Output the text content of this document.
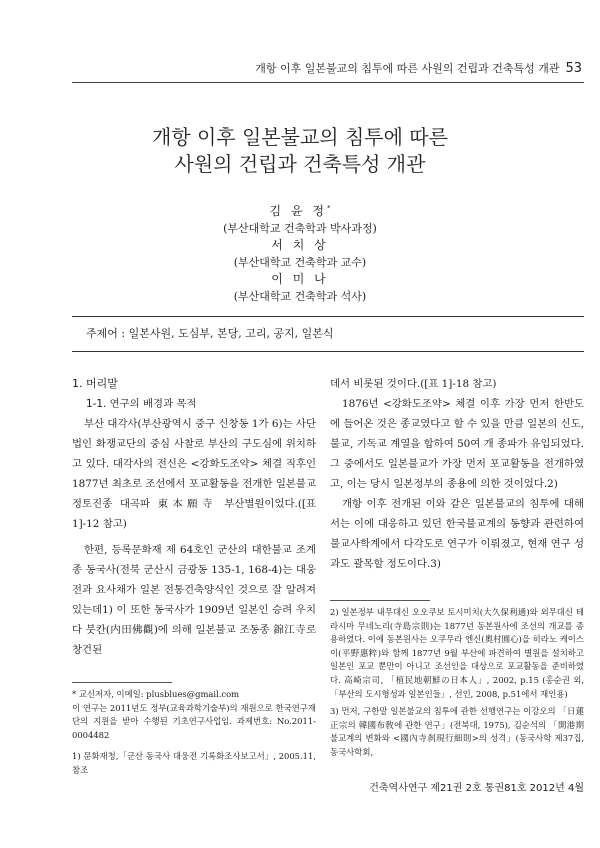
개항 이후 일본불교의 침투에 따른 사원의 건립과 건축특성 개관 53
개항 이후 일본불교의 침투에 따른
사원의 건립과 건축특성 개관
김 윤 정*
(부산대학교 건축학과 박사과정)
서 치 상
(부산대학교 건축학과 교수)
이 미 나
(부산대학교 건축학과 석사)
주제어 : 일본사원, 도심부, 본당, 고리, 공지, 일본식

1. 머리말

1-1. 연구의 배경과 목적

부산 대각사(부산광역시 중구 신창동 1가 6)는 사단법인 화쟁교단의 중심 사찰로 부산의 구도심에 위치하고 있다. 대각사의 전신은 <강화도조약> 체결 직후인 1877년 최초로 조선에서 포교활동을 전개한 일본불교 정토진종 대곡파 東本願寺 부산별원이었다.([표 1]-12 참고)

한편, 등록문화재 제 64호인 군산의 대한불교 조계종 동국사(전북 군산시 금광동 135-1, 168-4)는 대웅전과 요사채가 일본 전통건축양식인 것으로 잘 알려져 있는데1) 이 또한 동국사가 1909년 일본인 승려 우치다 붓칸(内田佛觀)에 의해 일본불교 조동종 錦江寺로 창건된

* 교신저자, 이메일: plusblues@gmail.com

이 연구는 2011년도 정부(교육과학기술부)의 재원으로 한국연구재단의 지원을 받아 수행된 기초연구사업임. 과제번호: No.2011-0004482

1) 문화재청,「군산 동국사 대웅전 기록화조사보고서」, 2005.11, 참조

데서 비롯된 것이다.([표 1]-18 참고)

1876년 <강화도조약> 체결 이후 가장 먼저 한반도에 들어온 것은 종교였다고 할 수 있을 만큼 일본의 신도, 불교, 기독교 계열을 합하여 50여 개 종파가 유입되었다. 그 중에서도 일본불교가 가장 먼저 포교활동을 전개하였고, 이는 당시 일본정부의 종용에 의한 것이었다.2)

개항 이후 전개된 이와 같은 일본불교의 침투에 대해서는 이에 대응하고 있던 한국불교계의 동향과 관련하여 불교사학계에서 다각도로 연구가 이뤄졌고, 현재 연구 성과도 괄목할 정도이다.3)

2) 일본정부 내무대신 오오쿠보 토시미치(大久保利通)와 외무대신 테라시마 무네노리(寺島宗則)는 1877년 동본원사에 조선의 개교를 종용하였다. 이에 동본원사는 오쿠무라 엔신(奧村圓心)을 히라노 케이스이(平野惠粹)와 함께 1877년 9월 부산에 파견하여 별원을 설치하고 일본인 포교 뿐만이 아니고 조선인을 대상으로 포교활동을 준비하였다. 高崎宗司, 「植民地朝鮮の日本人」, 2002, p.15 (홍순권 외,「부산의 도시형성과 일본인들」, 선인, 2008, p.51에서 재인용)

3) 먼저, 구한말 일본불교의 침투에 관한 선행연구는 이강오의 「日蓮正宗의 韓國布敎에 관한 연구」(전북대, 1975), 김순석의 「開港期 불교계의 변화와 <國內寺刹現行細則>의 성격」(동국사학 제37집, 동국사학회,

건축역사연구 제21권 2호 통권81호 2012년 4월
